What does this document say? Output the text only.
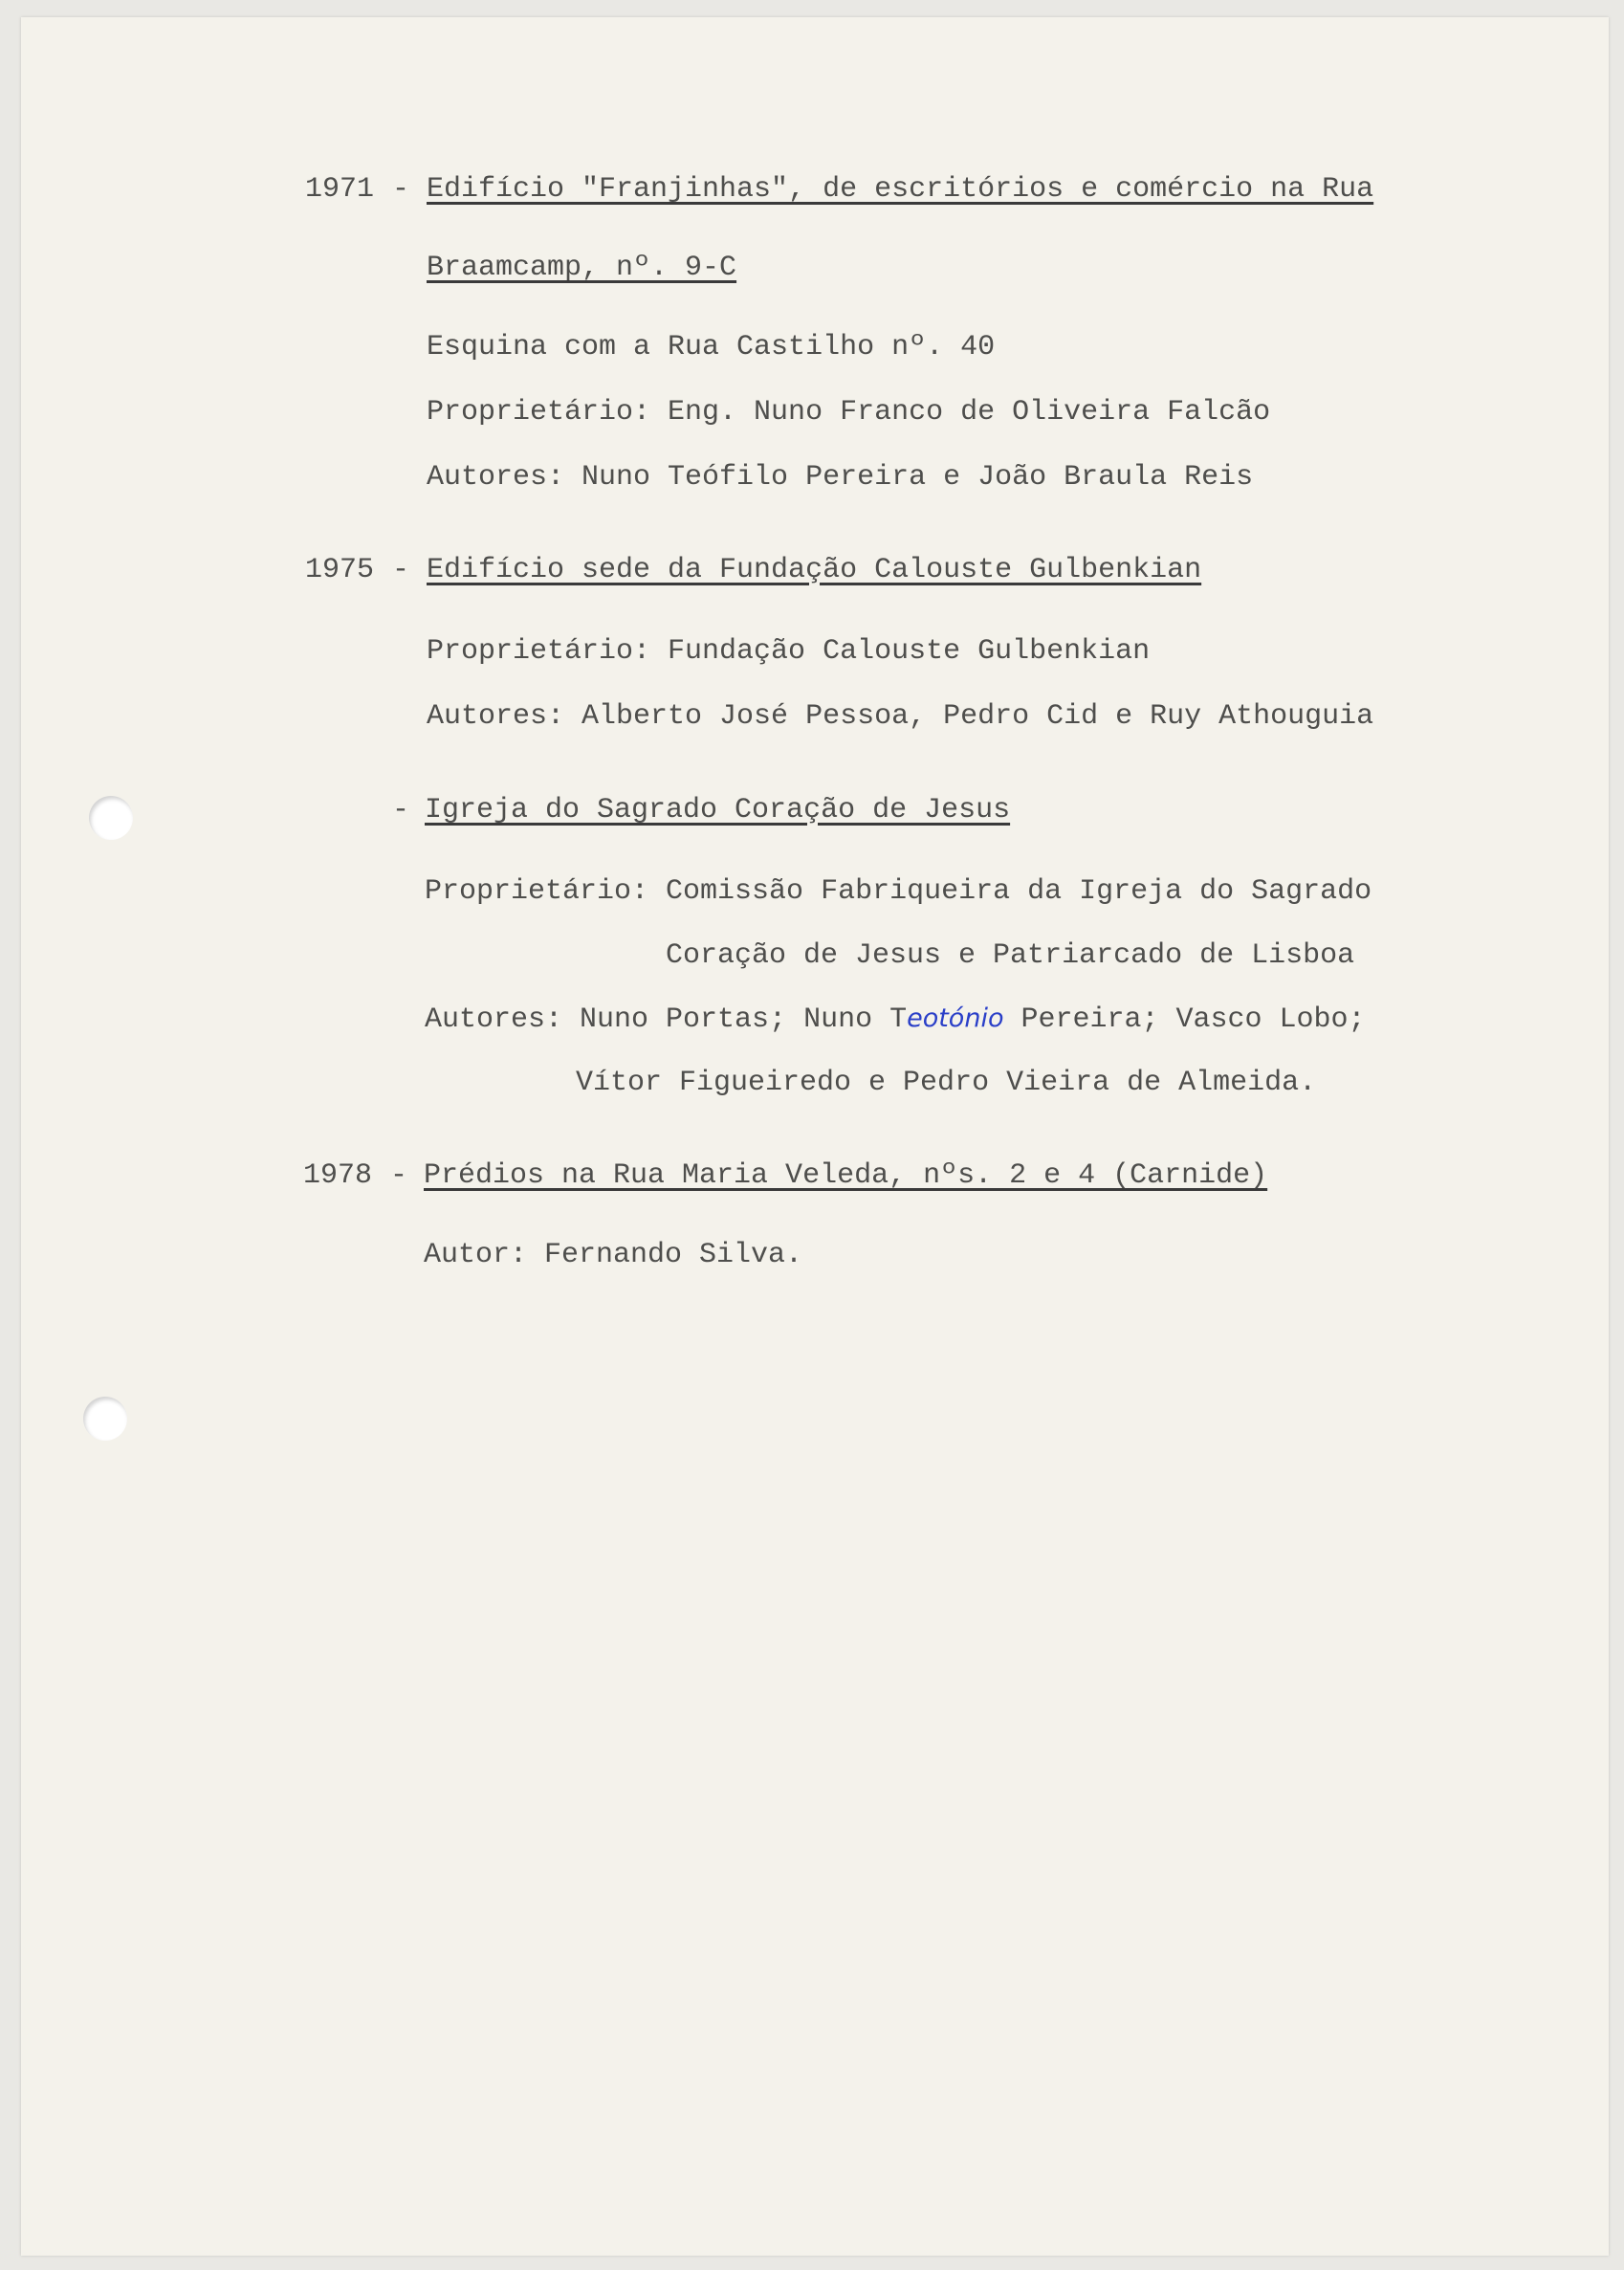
1971 - Edifício "Franjinhas", de escritórios e comércio na Rua
Braamcamp, nº. 9-C
Esquina com a Rua Castilho nº. 40
Proprietário: Eng. Nuno Franco de Oliveira Falcão
Autores: Nuno Teófilo Pereira e João Braula Reis
1975 - Edifício sede da Fundação Calouste Gulbenkian
Proprietário: Fundação Calouste Gulbenkian
Autores: Alberto José Pessoa, Pedro Cid e Ruy Athouguia
- Igreja do Sagrado Coração de Jesus
Proprietário: Comissão Fabriqueira da Igreja do Sagrado
Coração de Jesus e Patriarcado de Lisboa
Autores: Nuno Portas; Nuno Teotónio Pereira; Vasco Lobo;
Vítor Figueiredo e Pedro Vieira de Almeida.
1978 - Prédios na Rua Maria Veleda, nºs. 2 e 4 (Carnide)
Autor: Fernando Silva.
